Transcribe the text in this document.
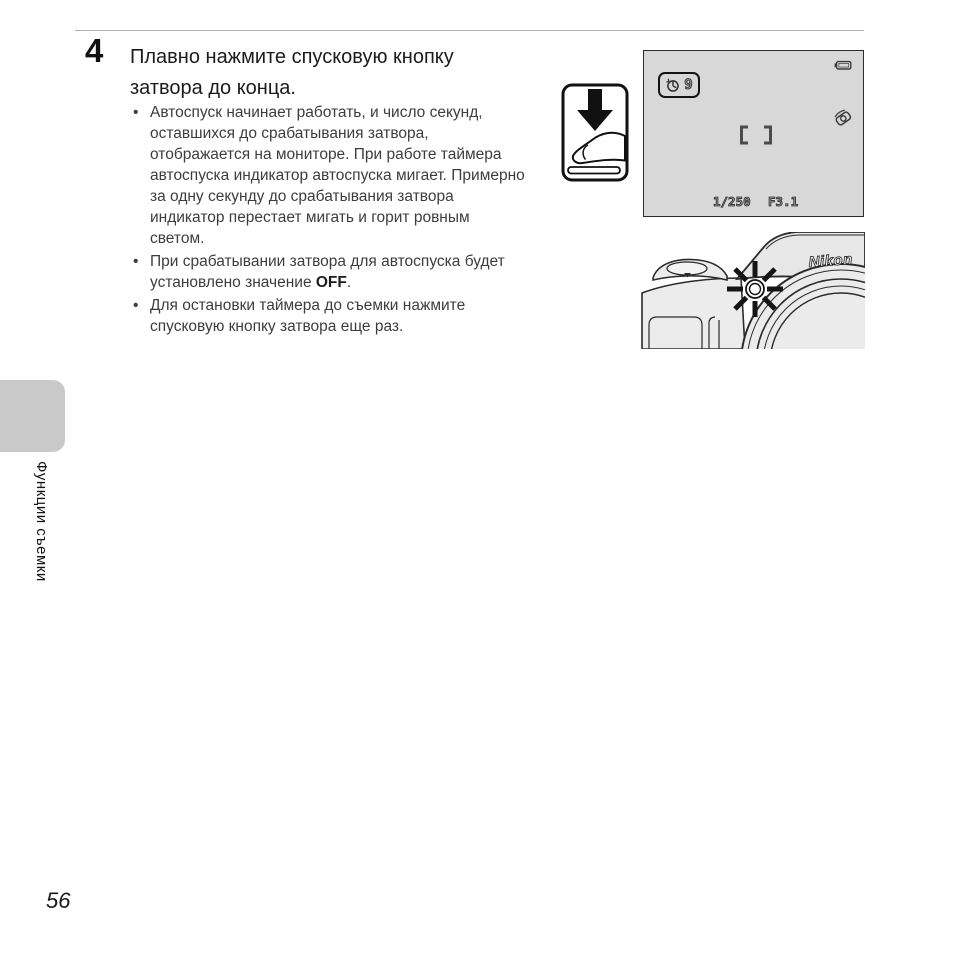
4 Плавно нажмите спусковую кнопку затвора до конца.
• Автоспуск начинает работать, и число секунд, оставшихся до срабатывания затвора, отображается на мониторе. При работе таймера автоспуска индикатор автоспуска мигает. Примерно за одну секунду до срабатывания затвора индикатор перестает мигать и горит ровным светом.
• При срабатывании затвора для автоспуска будет установлено значение OFF.
• Для остановки таймера до съемки нажмите спусковую кнопку затвора еще раз.
9
1/250 F3.1
Nikon
Функции съемки
56
